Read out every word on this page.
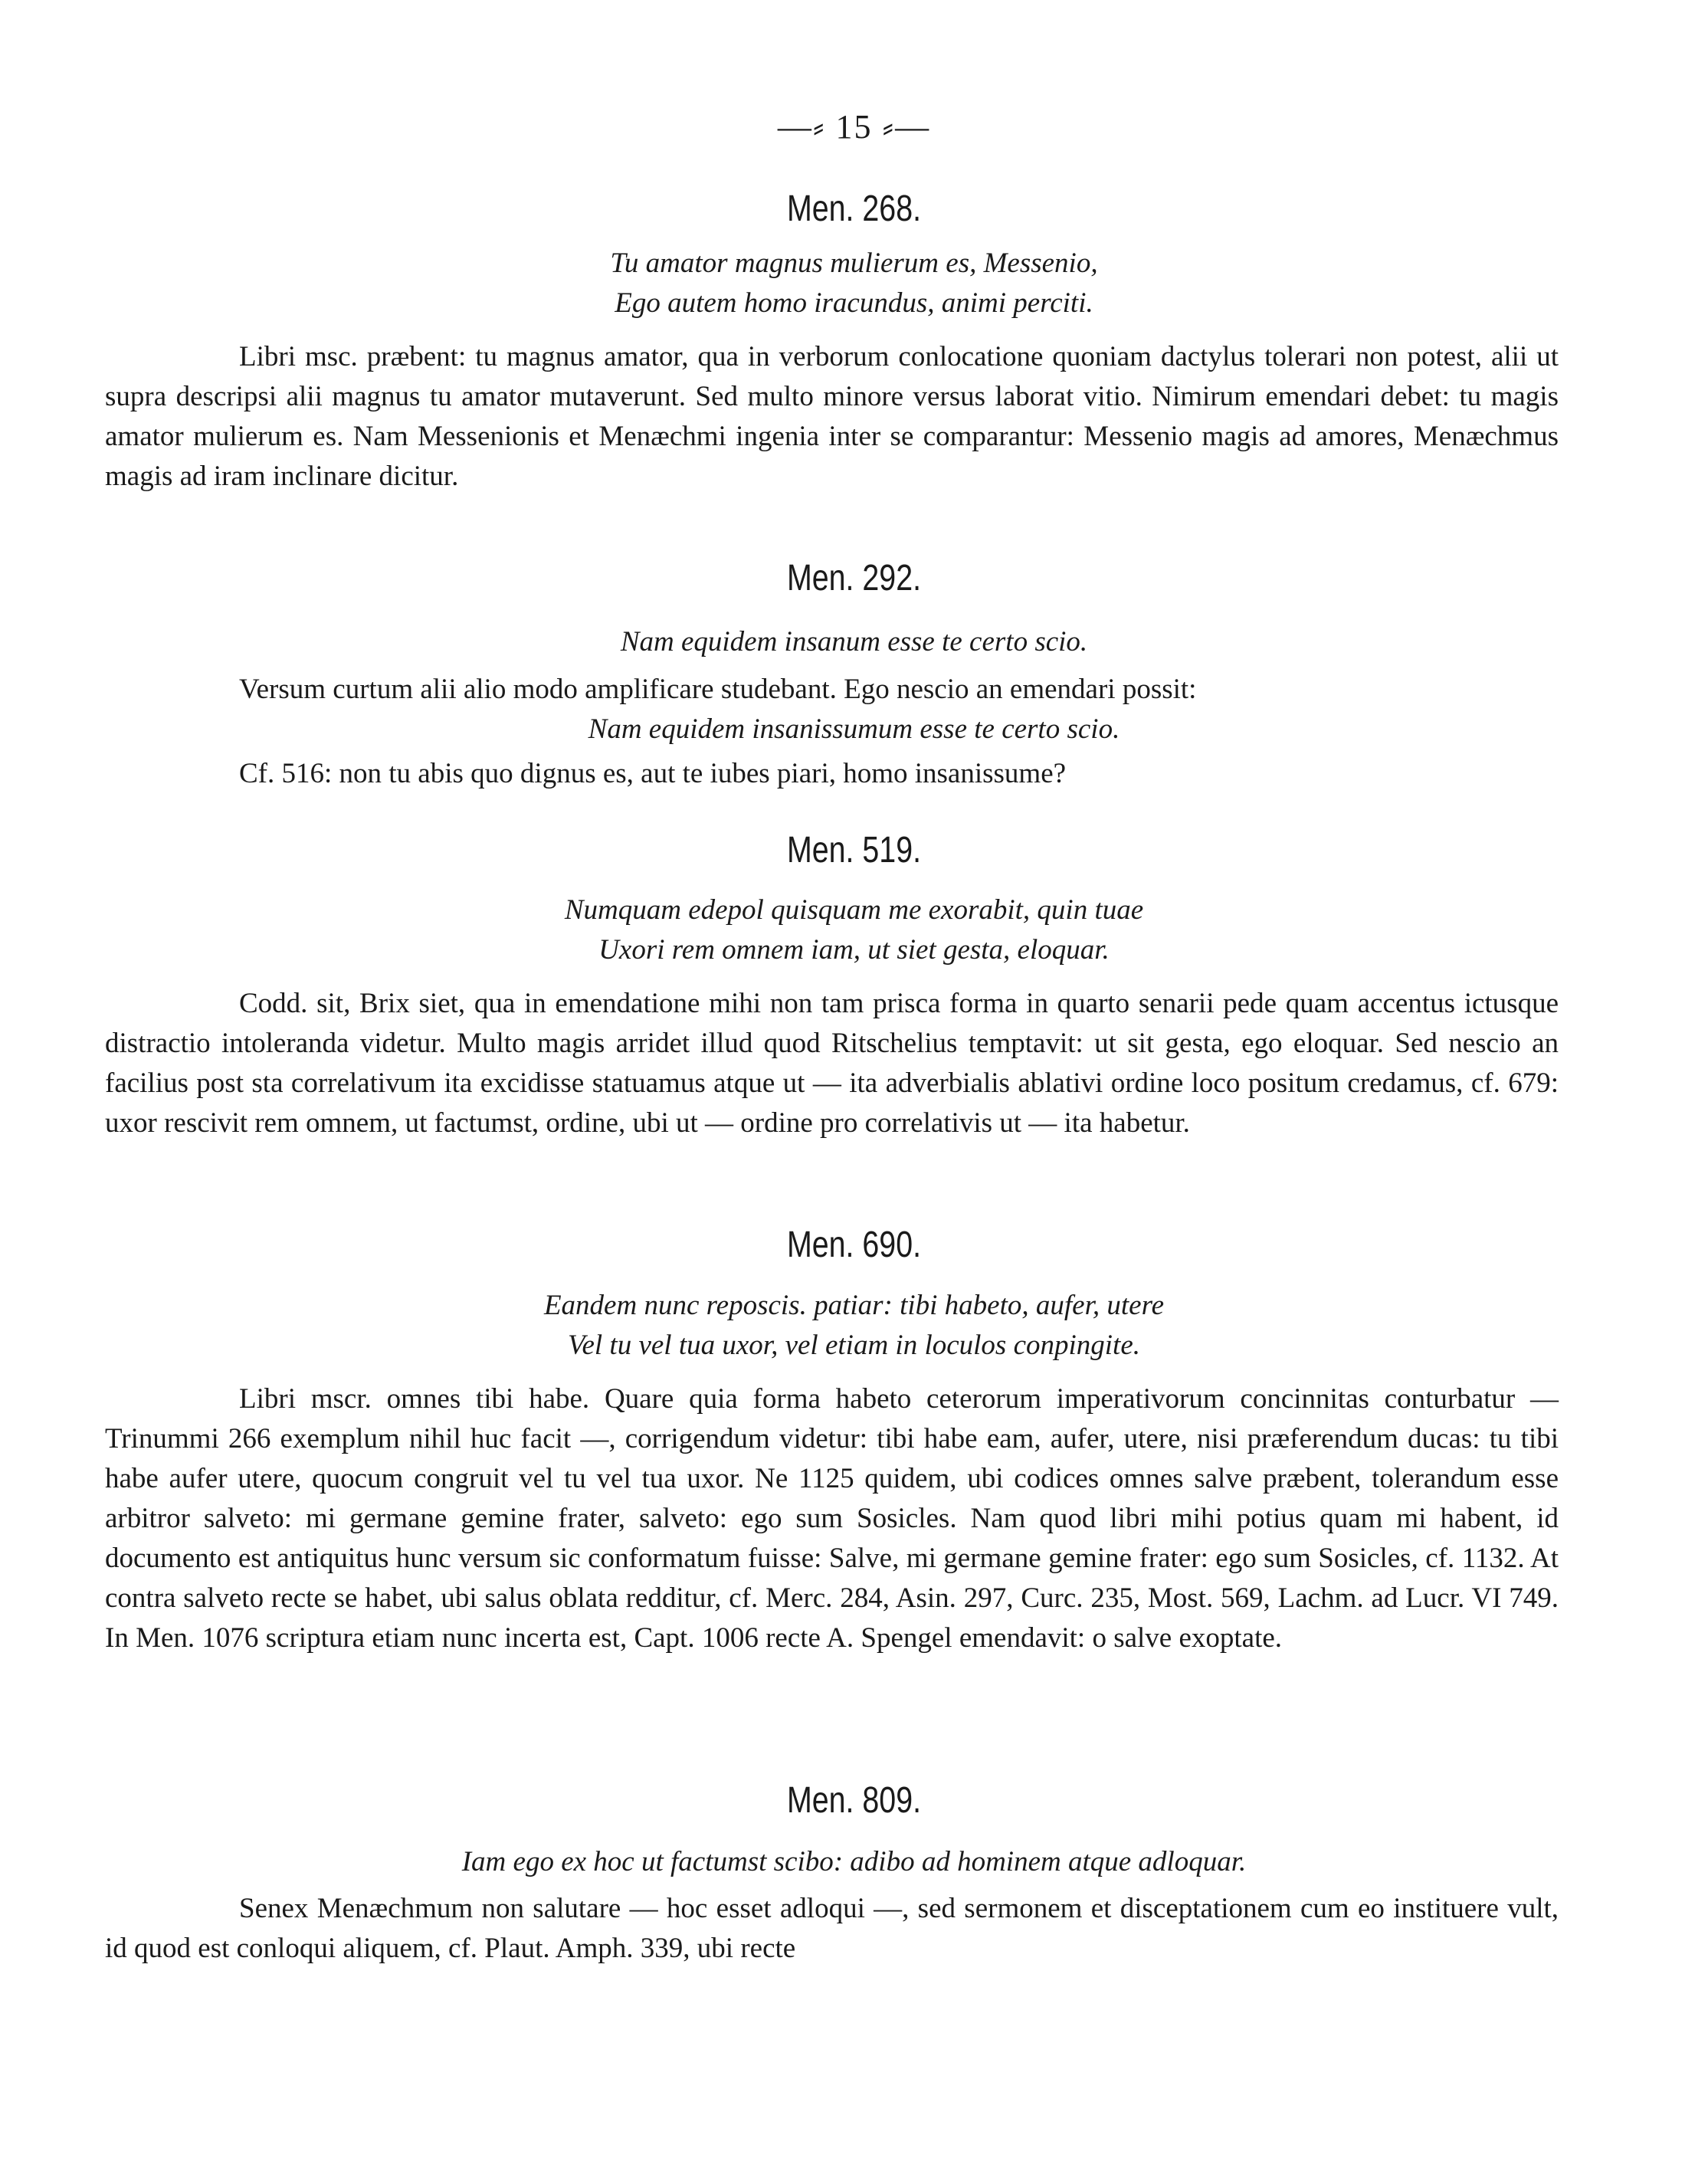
—⸗ 15 ⸗—
Men. 268.
Tu amator magnus mulierum es, Messenio,
Ego autem homo iracundus, animi perciti.

Libri msc. præbent: tu magnus amator, qua in verborum conlocatione quoniam dactylus tolerari non potest, alii ut supra descripsi alii magnus tu amator mutaverunt. Sed multo minore versus laborat vitio. Nimirum emendari debet: tu magis amator mulierum es. Nam Messenionis et Menæchmi ingenia inter se comparantur: Messenio magis ad amores, Menæchmus magis ad iram inclinare dicitur.

Men. 292.
Nam equidem insanum esse te certo scio.

Versum curtum alii alio modo amplificare studebant. Ego nescio an emendari possit:

Nam equidem insanissumum esse te certo scio.
Cf. 516: non tu abis quo dignus es, aut te iubes piari, homo insanissume?
Men. 519.
Numquam edepol quisquam me exorabit, quin tuae
Uxori rem omnem iam, ut siet gesta, eloquar.

Codd. sit, Brix siet, qua in emendatione mihi non tam prisca forma in quarto senarii pede quam accentus ictusque distractio intoleranda videtur. Multo magis arridet illud quod Ritschelius temptavit: ut sit gesta, ego eloquar. Sed nescio an facilius post sta correlativum ita excidisse statuamus atque ut — ita adverbialis ablativi ordine loco positum credamus, cf. 679: uxor rescivit rem omnem, ut factumst, ordine, ubi ut — ordine pro correlativis ut — ita habetur.

Men. 690.
Eandem nunc reposcis. patiar: tibi habeto, aufer, utere
Vel tu vel tua uxor, vel etiam in loculos conpingite.

Libri mscr. omnes tibi habe. Quare quia forma habeto ceterorum imperativorum concinnitas conturbatur — Trinummi 266 exemplum nihil huc facit —, corrigendum videtur: tibi habe eam, aufer, utere, nisi præferendum ducas: tu tibi habe aufer utere, quocum congruit vel tu vel tua uxor. Ne 1125 quidem, ubi codices omnes salve præbent, tolerandum esse arbitror salveto: mi germane gemine frater, salveto: ego sum Sosicles. Nam quod libri mihi potius quam mi habent, id documento est antiquitus hunc versum sic conformatum fuisse: Salve, mi germane gemine frater: ego sum Sosicles, cf. 1132. At contra salveto recte se habet, ubi salus oblata redditur, cf. Merc. 284, Asin. 297, Curc. 235, Most. 569, Lachm. ad Lucr. VI 749. In Men. 1076 scriptura etiam nunc incerta est, Capt. 1006 recte A. Spengel emendavit: o salve exoptate.

Men. 809.
Iam ego ex hoc ut factumst scibo: adibo ad hominem atque adloquar.

Senex Menæchmum non salutare — hoc esset adloqui —, sed sermonem et disceptationem cum eo instituere vult, id quod est conloqui aliquem, cf. Plaut. Amph. 339, ubi recte
